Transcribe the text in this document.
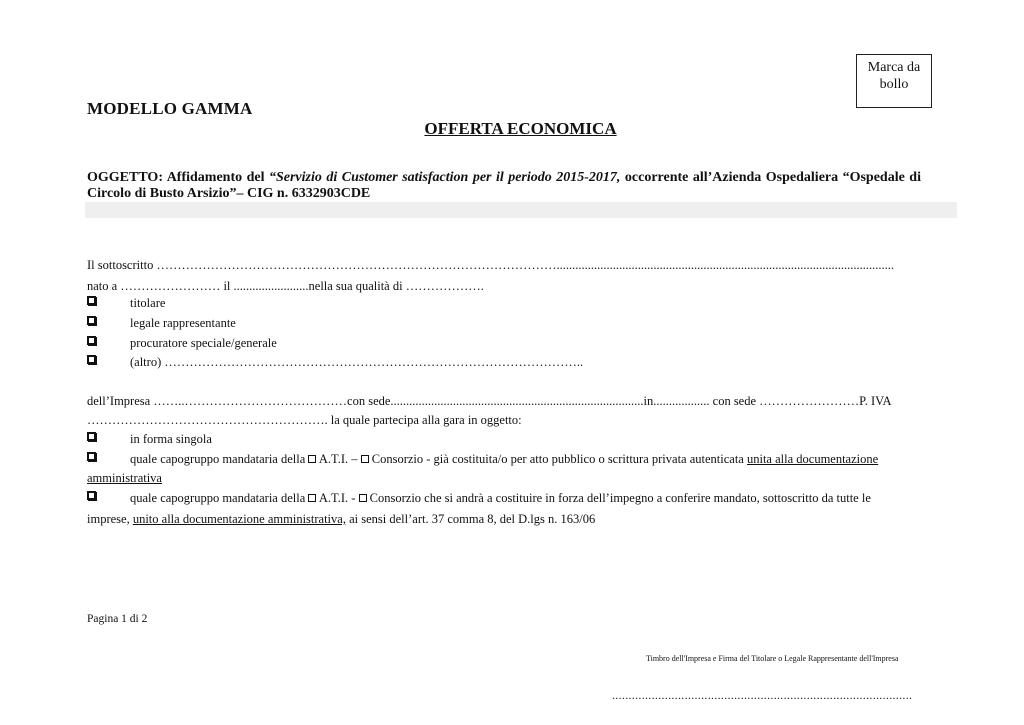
Marca da
bollo
MODELLO GAMMA
OFFERTA ECONOMICA
OGGETTO: Affidamento del “Servizio di Customer satisfaction per il periodo 2015-2017, occorrente all’Azienda Ospedaliera “Ospedale di Circolo di Busto Arsizio”– CIG n. 6332903CDE
Il sottoscritto ……………………………………………………………………………………............................................................................................................
nato a …………………… il ........................nella sua qualità di ……………….
titolare
legale rappresentante
procuratore speciale/generale
(altro) ………………………………………………………………………………………..
dell’Impresa ……..…………………………………con sede.................................................................................in.................. con sede ……………………P. IVA
…………………………………………………. la quale partecipa alla gara in oggetto:
in forma singola
quale capogruppo mandataria della  A.T.I. –  Consorzio - già costituita/o per atto pubblico o scrittura privata autenticata unita alla documentazione
amministrativa
quale capogruppo mandataria della  A.T.I. -  Consorzio che si andrà a costituire in forza dell’impegno a conferire mandato, sottoscritto da tutte le
imprese, unito alla documentazione amministrativa, ai sensi dell’art. 37 comma 8, del D.lgs n. 163/06
Pagina 1 di 2
Timbro dell'Impresa e Firma del Titolare o Legale Rappresentante dell'Impresa
...........................................................................................
